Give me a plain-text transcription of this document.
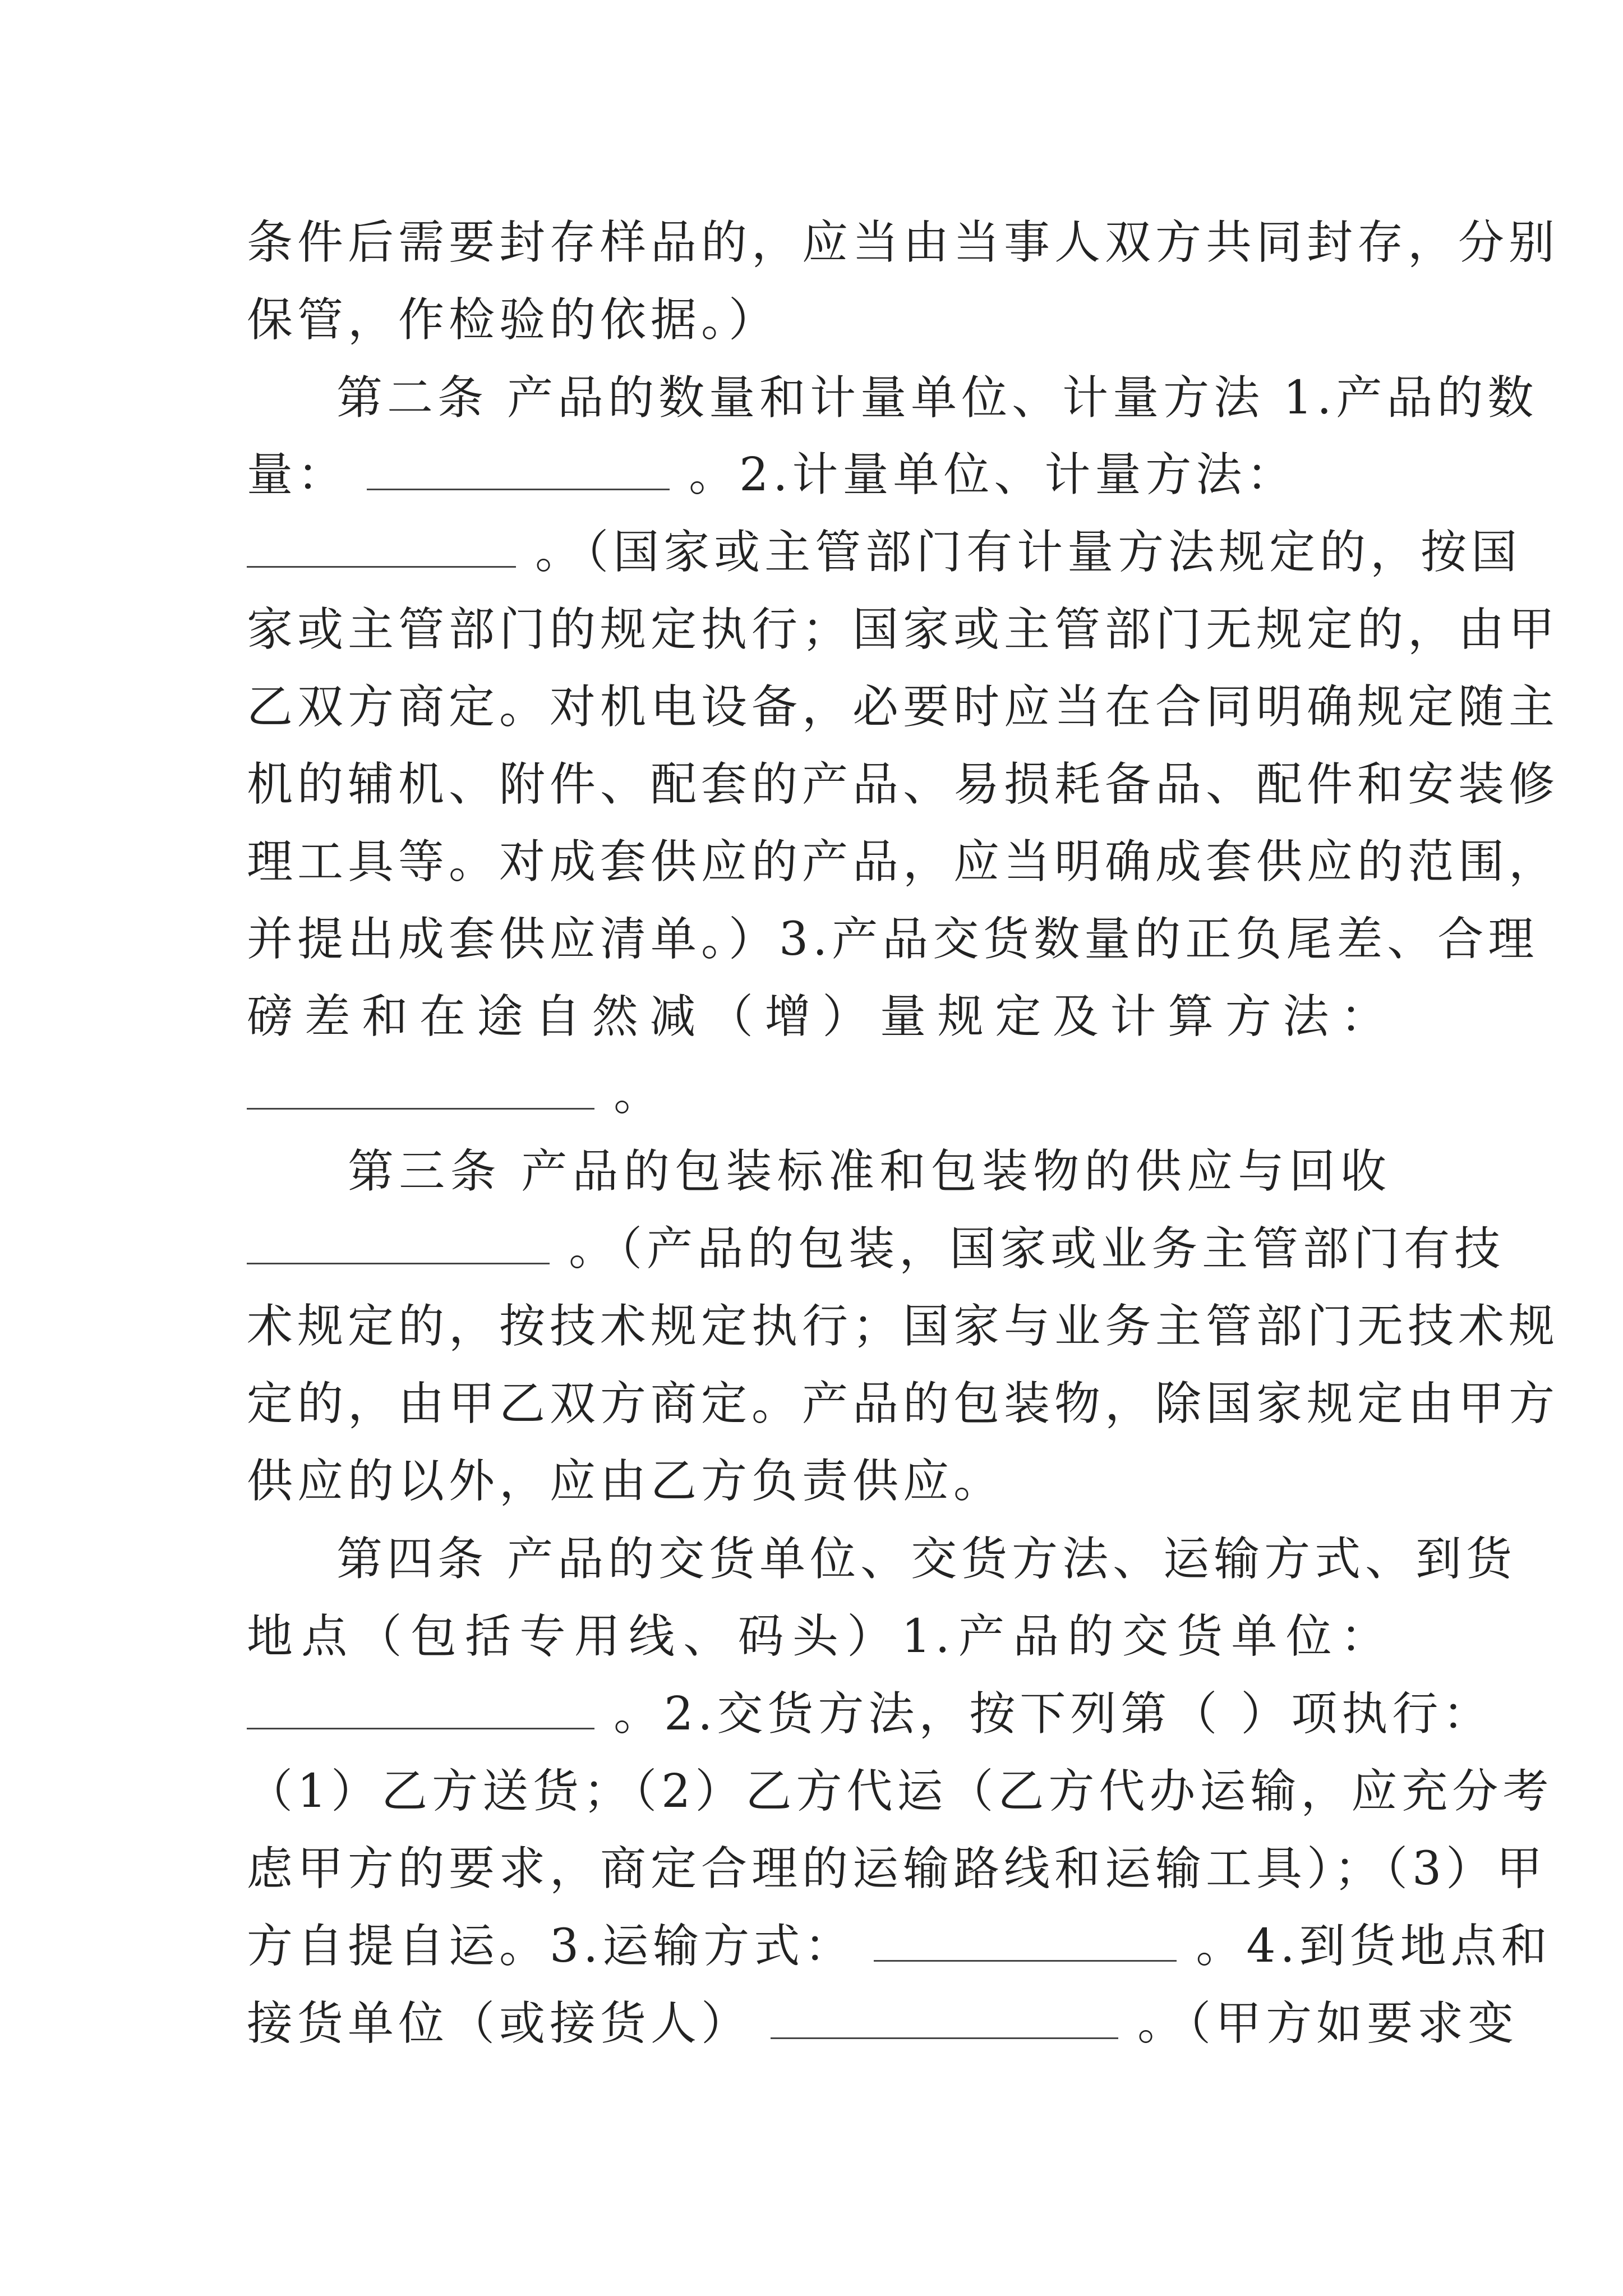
条件后需要封存样品的，应当由当事人双方共同封存，分别
保管，作检验的依据。）
第二条 产品的数量和计量单位、计量方法 1.产品的数
量：	。2.计量单位、计量方法：
。（国家或主管部门有计量方法规定的，按国
家或主管部门的规定执行；国家或主管部门无规定的，由甲
乙双方商定。对机电设备，必要时应当在合同明确规定随主
机的辅机、附件、配套的产品、易损耗备品、配件和安装修
理工具等。对成套供应的产品，应当明确成套供应的范围，
并提出成套供应清单。）3.产品交货数量的正负尾差、合理
磅差和在途自然减（增）量规定及计算方法：
。
第三条 产品的包装标准和包装物的供应与回收
。（产品的包装，国家或业务主管部门有技
术规定的，按技术规定执行；国家与业务主管部门无技术规
定的，由甲乙双方商定。产品的包装物，除国家规定由甲方
供应的以外，应由乙方负责供应。
第四条 产品的交货单位、交货方法、运输方式、到货
地点（包括专用线、码头）1.产品的交货单位：
。2.交货方法，按下列第（ ）项执行：
（1）乙方送货；（2）乙方代运（乙方代办运输，应充分考
虑甲方的要求，商定合理的运输路线和运输工具）；（3）甲
方自提自运。3.运输方式：	。4.到货地点和
接货单位（或接货人）	。（甲方如要求变
